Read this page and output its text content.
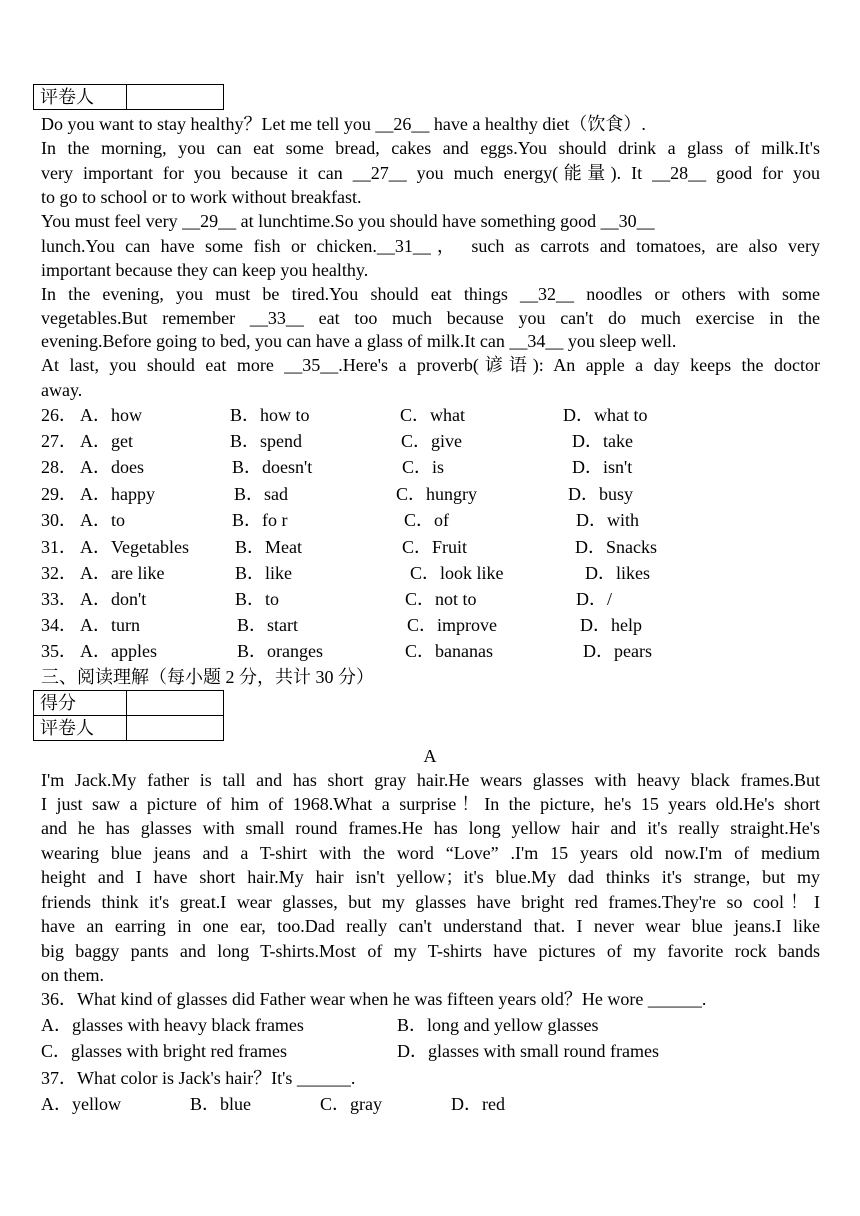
评卷人	
Do you want to stay healthy？Let me tell you __26__ have a healthy diet（饮食）.
In the morning, you can eat some bread, cakes and eggs.You should drink a glass of milk.It's
very important for you because it can __27__ you much energy(能量). It __28__ good for you
to go to school or to work without breakfast.
You must feel very __29__ at lunchtime.So you should have something good __30__
lunch.You can have some fish or chicken.__31__， such as carrots and tomatoes, are also very
important because they can keep you healthy.
In the evening, you must be tired.You should eat things __32__ noodles or others with some
vegetables.But remember __33__ eat too much because you can't do much exercise in the
evening.Before going to bed, you can have a glass of milk.It can __34__ you sleep well.
At last, you should eat more __35__.Here's a proverb(谚语): An apple a day keeps the doctor
away.
26． A．how	B．how to	C．what	D．what to
27． A．get	B．spend	C．give	D．take
28． A．does	B．doesn't	C．is	D．isn't
29． A．happy	B．sad	C．hungry	D．busy
30． A．to	B．fo r	C．of	D．with
31． A．Vegetables	B．Meat	C．Fruit	D．Snacks
32． A．are like	B．like	C．look like	D．likes
33． A．don't	B．to	C．not to	D．/
34． A．turn	B．start	C．improve	D．help
35． A．apples	B．oranges	C．bananas	D．pears
三、阅读理解（每小题 2 分，共计 30 分）
得分	
评卷人	
A
I'm Jack.My father is tall and has short gray hair.He wears glasses with heavy black frames.But
I just saw a picture of him of 1968.What a surprise！In the picture, he's 15 years old.He's short
and he has glasses with small round frames.He has long yellow hair and it's really straight.He's
wearing blue jeans and a T-shirt with the word “Love” .I'm 15 years old now.I'm of medium
height and I have short hair.My hair isn't yellow；it's blue.My dad thinks it's strange, but my
friends think it's great.I wear glasses, but my glasses have bright red frames.They're so cool！I
have an earring in one ear, too.Dad really can't understand that. I never wear blue jeans.I like
big baggy pants and long T-shirts.Most of my T-shirts have pictures of my favorite rock bands
on them.
36．What kind of glasses did Father wear when he was fifteen years old？He wore ______.
A．glasses with heavy black frames	B．long and yellow glasses
C．glasses with bright red frames	D．glasses with small round frames
37．What color is Jack's hair？It's ______.
A．yellow	B．blue	C．gray	D．red
